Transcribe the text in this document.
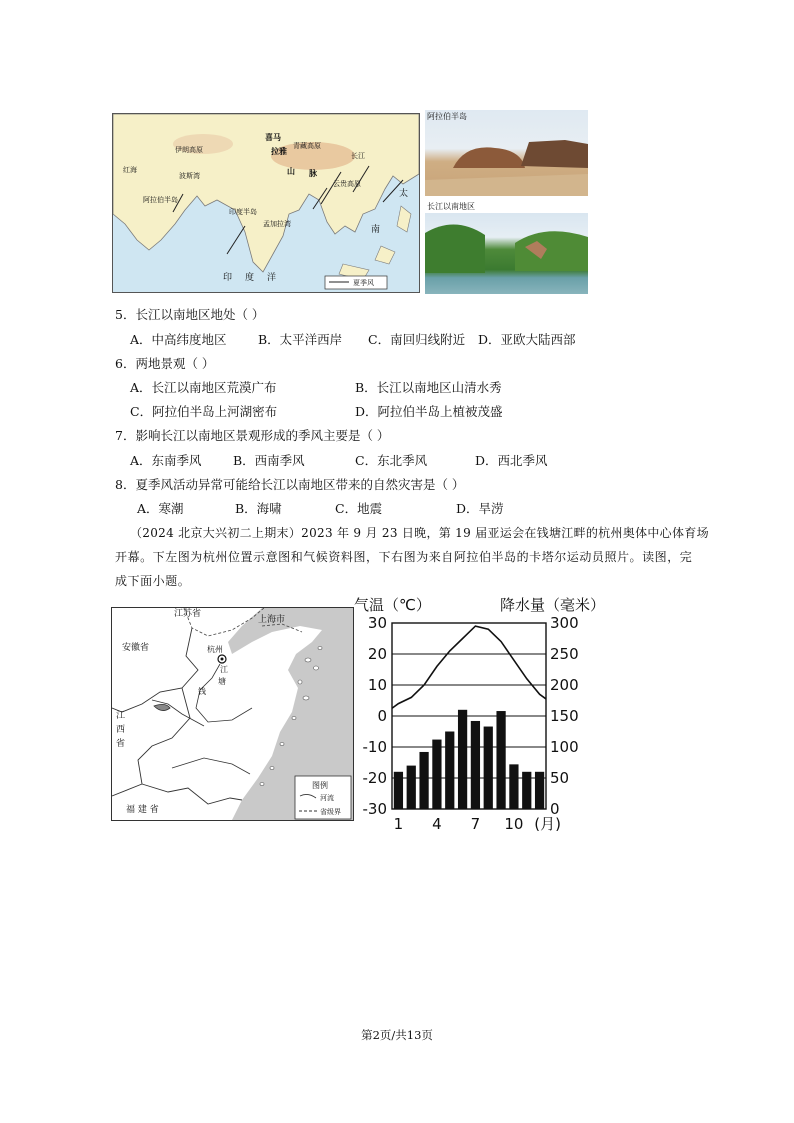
伊朗高原
波斯湾
阿拉伯半岛
红海
喜马
拉雅
山 脉
青藏高原
印度半岛
孟加拉湾
长江
云贵高原
印 度 洋
太
南
夏季风
阿拉伯半岛
长江以南地区
5．长江以南地区地处（ ）
A．中高纬度地区	B．太平洋西岸 C．南回归线附近 D．亚欧大陆西部
6．两地景观（ ）
A．长江以南地区荒漠广布	B．长江以南地区山清水秀
C．阿拉伯半岛上河湖密布	D．阿拉伯半岛上植被茂盛
7．影响长江以南地区景观形成的季风主要是（ ）
A．东南季风	B．西南季风	C．东北季风	D．西北季风
8．夏季风活动异常可能给长江以南地区带来的自然灾害是（ ）
A．寒潮	B．海啸	C．地震	D．旱涝
（2024 北京大兴初二上期末）2023 年 9 月 23 日晚，第 19 届亚运会在钱塘江畔的杭州奥体中心体育场
开幕。下左图为杭州位置示意图和气候资料图，下右图为来自阿拉伯半岛的卡塔尔运动员照片。读图，完
成下面小题。
江苏省
上海市
安徽省	杭州
江
塘
钱
江
西
省
福 建 省
图例
河流
省级界
气温（℃）	降水量（毫米）
30
20
10
0
-10
-20
-30
300
250
200
150
100
50
0
1 4 7 10 (月)
第2页/共13页
